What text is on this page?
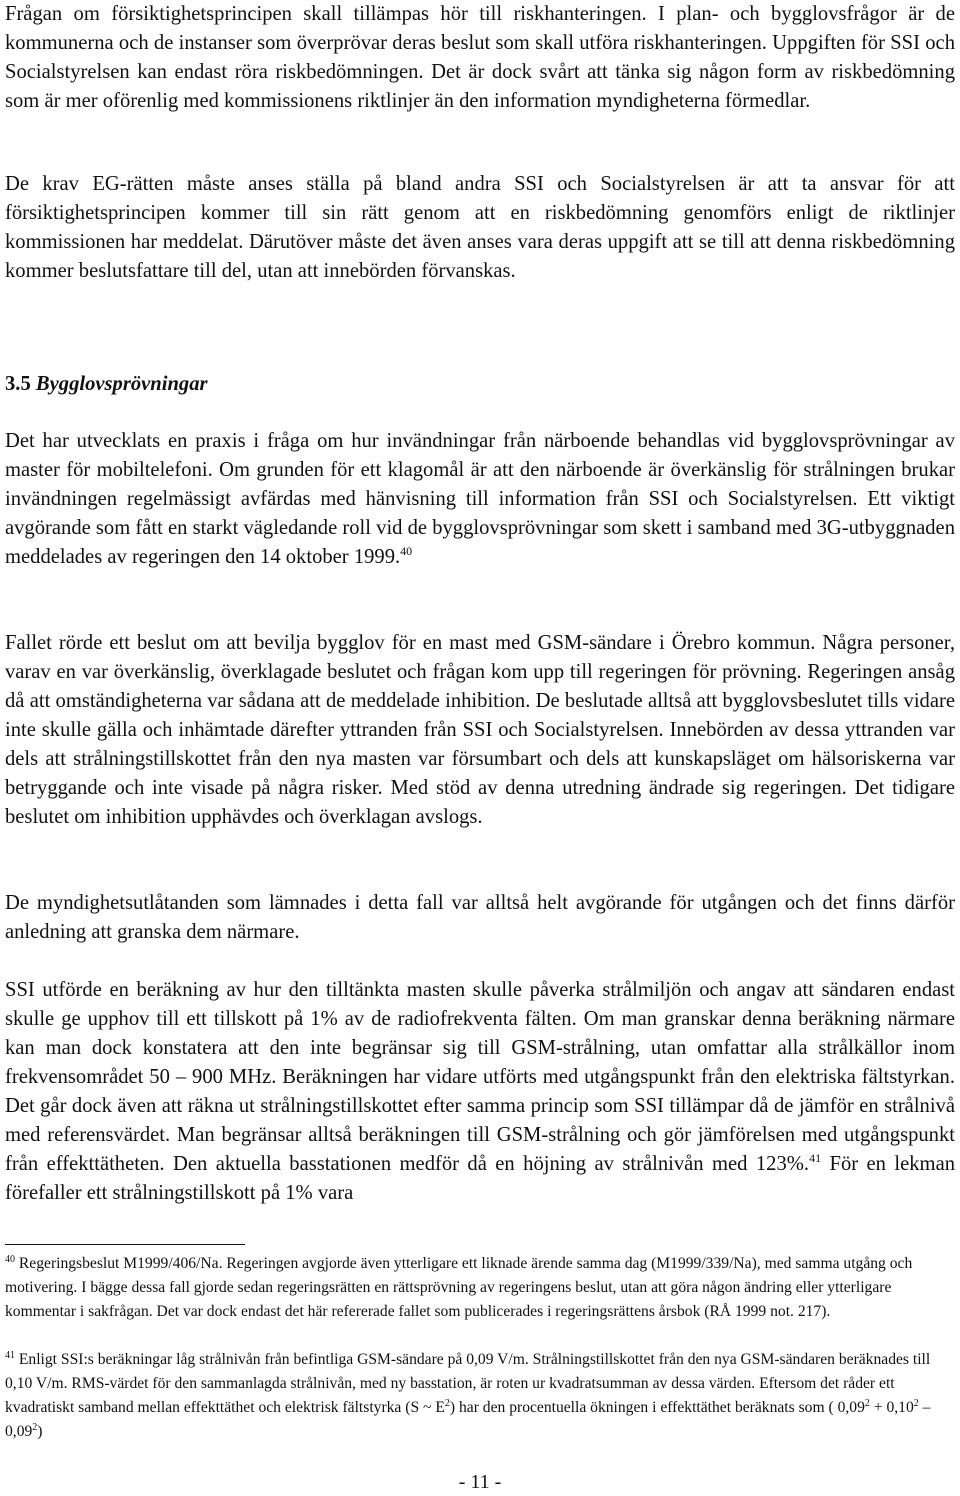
Frågan om försiktighetsprincipen skall tillämpas hör till riskhanteringen. I plan- och bygglovsfrågor är de kommunerna och de instanser som överprövar deras beslut som skall utföra riskhanteringen. Uppgiften för SSI och Socialstyrelsen kan endast röra riskbedömningen. Det är dock svårt att tänka sig någon form av riskbedömning som är mer oförenlig med kommissionens riktlinjer än den information myndigheterna förmedlar.

De krav EG-rätten måste anses ställa på bland andra SSI och Socialstyrelsen är att ta ansvar för att försiktighetsprincipen kommer till sin rätt genom att en riskbedömning genomförs enligt de riktlinjer kommissionen har meddelat. Därutöver måste det även anses vara deras uppgift att se till att denna riskbedömning kommer beslutsfattare till del, utan att innebörden förvanskas.

3.5 Bygglovsprövningar

Det har utvecklats en praxis i fråga om hur invändningar från närboende behandlas vid bygglovsprövningar av master för mobiltelefoni. Om grunden för ett klagomål är att den närboende är överkänslig för strålningen brukar invändningen regelmässigt avfärdas med hänvisning till information från SSI och Socialstyrelsen. Ett viktigt avgörande som fått en starkt vägledande roll vid de bygglovsprövningar som skett i samband med 3G-utbyggnaden meddelades av regeringen den 14 oktober 1999.40

Fallet rörde ett beslut om att bevilja bygglov för en mast med GSM-sändare i Örebro kommun. Några personer, varav en var överkänslig, överklagade beslutet och frågan kom upp till regeringen för prövning. Regeringen ansåg då att omständigheterna var sådana att de meddelade inhibition. De beslutade alltså att bygglovsbeslutet tills vidare inte skulle gälla och inhämtade därefter yttranden från SSI och Socialstyrelsen. Innebörden av dessa yttranden var dels att strålningstillskottet från den nya masten var försumbart och dels att kunskapsläget om hälsoriskerna var betryggande och inte visade på några risker. Med stöd av denna utredning ändrade sig regeringen. Det tidigare beslutet om inhibition upphävdes och överklagan avslogs.

De myndighetsutlåtanden som lämnades i detta fall var alltså helt avgörande för utgången och det finns därför anledning att granska dem närmare.

SSI utförde en beräkning av hur den tilltänkta masten skulle påverka strålmiljön och angav att sändaren endast skulle ge upphov till ett tillskott på 1% av de radiofrekventa fälten. Om man granskar denna beräkning närmare kan man dock konstatera att den inte begränsar sig till GSM-strålning, utan omfattar alla strålkällor inom frekvensområdet 50 – 900 MHz. Beräkningen har vidare utförts med utgångspunkt från den elektriska fältstyrkan. Det går dock även att räkna ut strålningstillskottet efter samma princip som SSI tillämpar då de jämför en strålnivå med referensvärdet. Man begränsar alltså beräkningen till GSM-strålning och gör jämförelsen med utgångspunkt från effekttätheten. Den aktuella basstationen medför då en höjning av strålnivån med 123%.$^{41}$ För en lekman förefaller ett strålningstillskott på 1% vara

$^{40}$ Regeringsbeslut M1999/406/Na. Regeringen avgjorde även ytterligare ett liknade ärende samma dag (M1999/339/Na), med samma utgång och motivering. I bägge dessa fall gjorde sedan regeringsrätten en rättsprövning av regeringens beslut, utan att göra någon ändring eller ytterligare kommentar i sakfrågan. Det var dock endast det här refererade fallet som publicerades i regeringsrättens årsbok (RÅ 1999 not. 217).

$^{41}$ Enligt SSI:s beräkningar låg strålnivån från befintliga GSM-sändare på 0,09 V/m. Strålningstillskottet från den nya GSM-sändaren beräknades till 0,10 V/m. RMS-värdet för den sammanlagda strålnivån, med ny basstation, är roten ur kvadratsumman av dessa värden. Eftersom det råder ett kvadratiskt samband mellan effekttäthet och elektrisk fältstyrka (S ~ $E^2$) har den procentuella ökningen i effekttäthet beräknats som ( $0,09^2 + 0,10^2 - 0,09^2$)

- 11 -
